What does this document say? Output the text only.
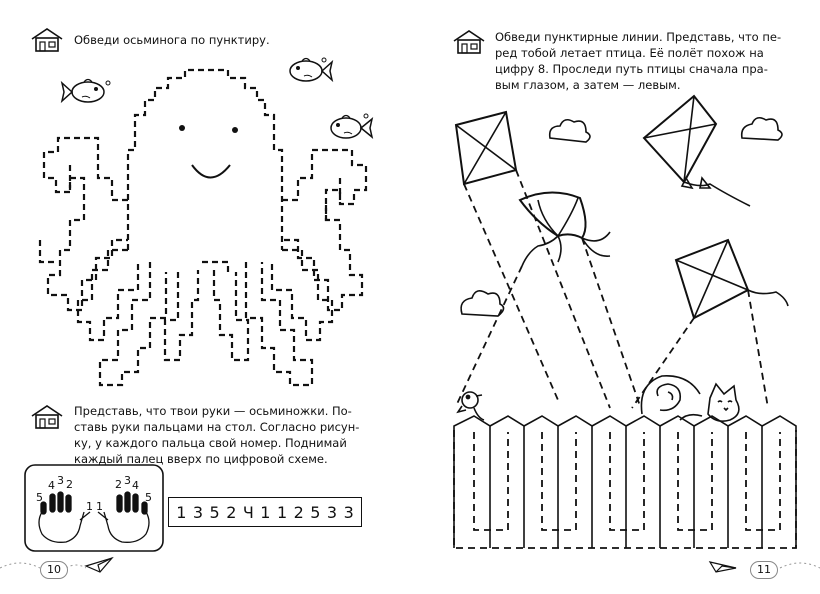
Обведи осьминога по пунктиру.
Представь, что твои руки — осьминожки. По-
ставь руки пальцами на стол. Согласно рисун-
ку, у каждого пальца свой номер. Поднимай
каждый палец вверх по цифровой схеме.
5
4 3 2
1 1
2 3 4
5
1 3 5 2 Ч 1 1 2 5 3 3
10
Обведи пунктирные линии. Представь, что пе-
ред тобой летает птица. Её полёт похож на
цифру 8. Проследи путь птицы сначала пра-
вым глазом, а затем — левым.
11
